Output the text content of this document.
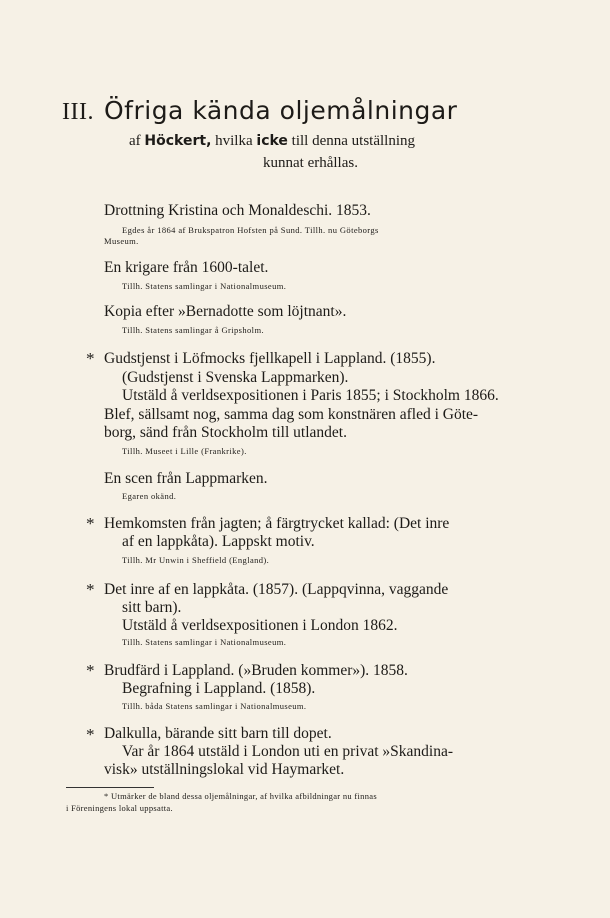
III. Öfriga kända oljemålningar
af Höckert, hvilka icke till denna utställning
kunnat erhållas.
Drottning Kristina och Monaldeschi. 1853.
Egdes år 1864 af Brukspatron Hofsten på Sund. Tillh. nu Göteborgs
Museum.
En krigare från 1600-talet.
Tillh. Statens samlingar i Nationalmuseum.
Kopia efter »Bernadotte som löjtnant».
Tillh. Statens samlingar å Gripsholm.
* Gudstjenst i Löfmocks fjellkapell i Lappland. (1855).
(Gudstjenst i Svenska Lappmarken).
Utstäld å verldsexpositionen i Paris 1855; i Stockholm 1866.
Blef, sällsamt nog, samma dag som konstnären afled i Göte-
borg, sänd från Stockholm till utlandet.
Tillh. Museet i Lille (Frankrike).
En scen från Lappmarken.
Egaren okänd.
* Hemkomsten från jagten; å färgtrycket kallad: (Det inre
af en lappkåta). Lappskt motiv.
Tillh. Mr Unwin i Sheffield (England).
* Det inre af en lappkåta. (1857). (Lappqvinna, vaggande
sitt barn).
Utstäld å verldsexpositionen i London 1862.
Tillh. Statens samlingar i Nationalmuseum.
* Brudfärd i Lappland. (»Bruden kommer»). 1858.
Begrafning i Lappland. (1858).
Tillh. båda Statens samlingar i Nationalmuseum.
* Dalkulla, bärande sitt barn till dopet.
Var år 1864 utstäld i London uti en privat »Skandina-
visk» utställningslokal vid Haymarket.
* Utmärker de bland dessa oljemålningar, af hvilka afbildningar nu finnas
i Föreningens lokal uppsatta.
